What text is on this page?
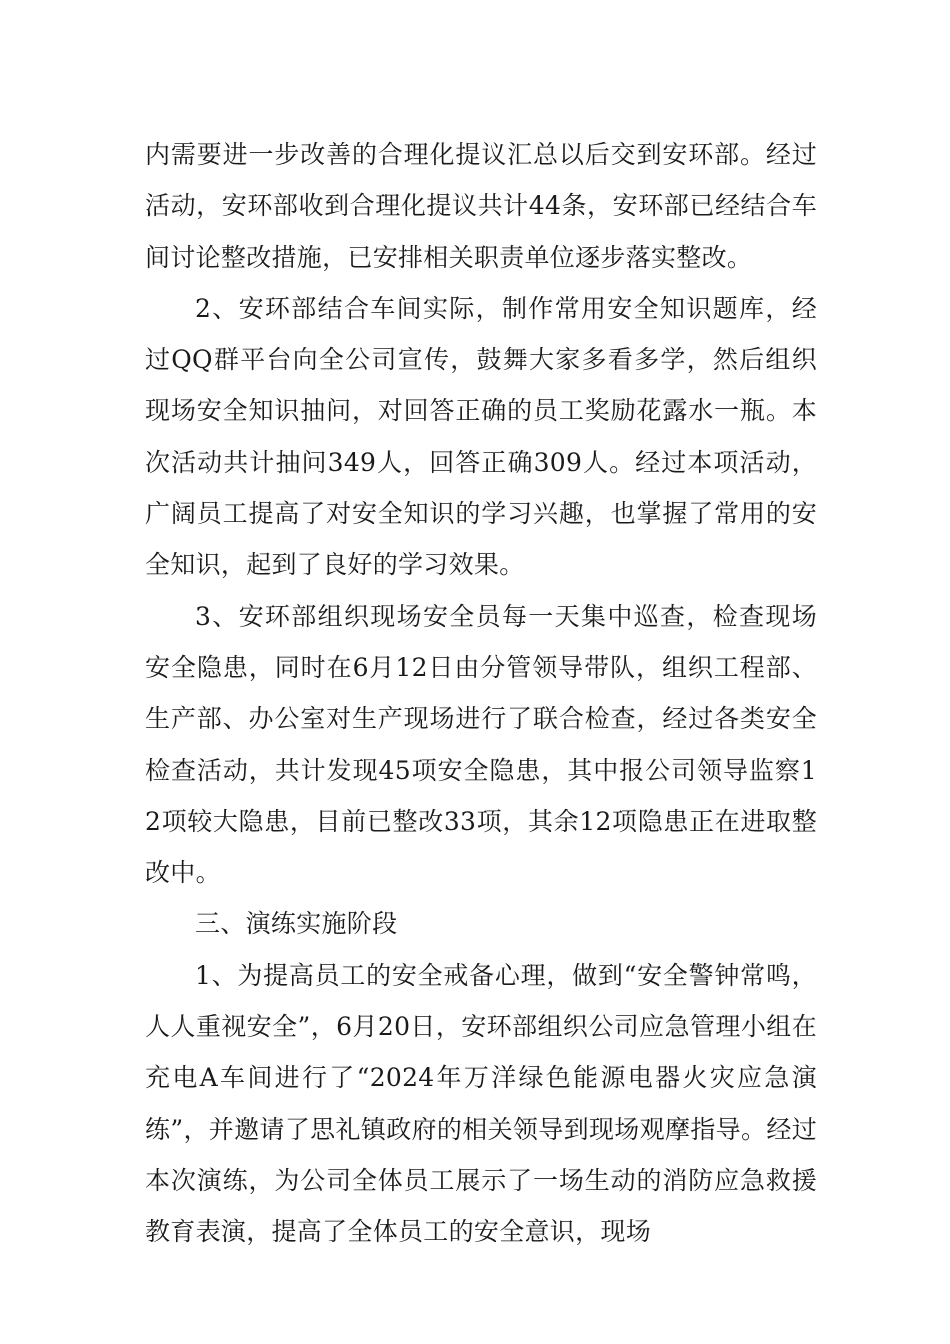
内需要进一步改善的合理化提议汇总以后交到安环部。经过活动，安环部收到合理化提议共计44条，安环部已经结合车间讨论整改措施，已安排相关职责单位逐步落实整改。

2、安环部结合车间实际，制作常用安全知识题库，经过QQ群平台向全公司宣传，鼓舞大家多看多学，然后组织现场安全知识抽问，对回答正确的员工奖励花露水一瓶。本次活动共计抽问349人，回答正确309人。经过本项活动，广阔员工提高了对安全知识的学习兴趣，也掌握了常用的安全知识，起到了良好的学习效果。

3、安环部组织现场安全员每一天集中巡查，检查现场安全隐患，同时在6月12日由分管领导带队，组织工程部、生产部、办公室对生产现场进行了联合检查，经过各类安全检查活动，共计发现45项安全隐患，其中报公司领导监察12项较大隐患，目前已整改33项，其余12项隐患正在进取整改中。

三、演练实施阶段

1、为提高员工的安全戒备心理，做到“安全警钟常鸣，人人重视安全”，6月20日，安环部组织公司应急管理小组在充电A车间进行了“2024年万洋绿色能源电器火灾应急演练”，并邀请了思礼镇政府的相关领导到现场观摩指导。经过本次演练，为公司全体员工展示了一场生动的消防应急救援教育表演，提高了全体员工的安全意识，现场
